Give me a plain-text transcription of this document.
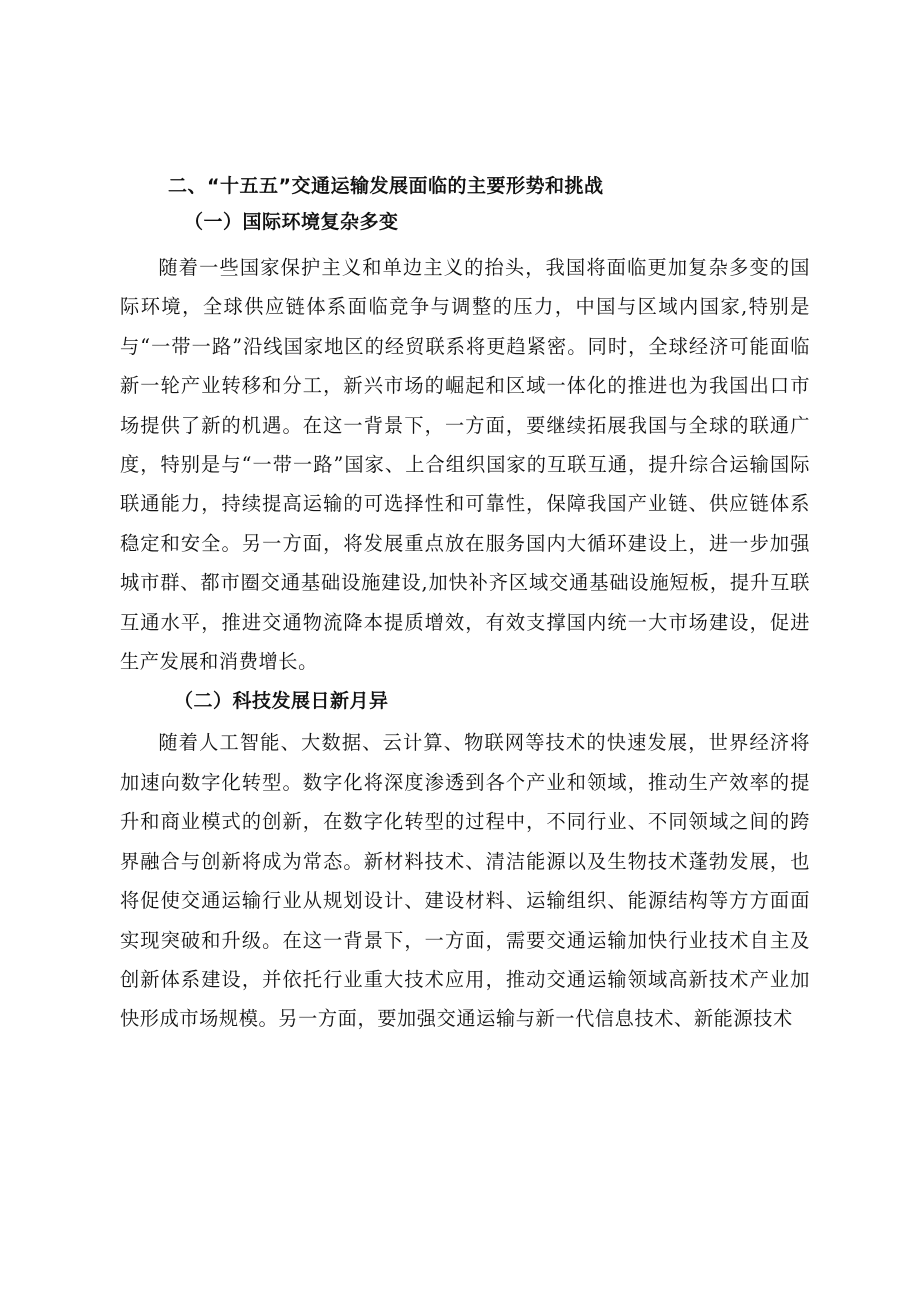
二、“十五五”交通运输发展面临的主要形势和挑战
（一）国际环境复杂多变

随着一些国家保护主义和单边主义的抬头，我国将面临更加复杂多变的国际环境，全球供应链体系面临竞争与调整的压力，中国与区域内国家,特别是与“一带一路”沿线国家地区的经贸联系将更趋紧密。同时，全球经济可能面临新一轮产业转移和分工，新兴市场的崛起和区域一体化的推进也为我国出口市场提供了新的机遇。在这一背景下，一方面，要继续拓展我国与全球的联通广度，特别是与“一带一路”国家、上合组织国家的互联互通，提升综合运输国际联通能力，持续提高运输的可选择性和可靠性，保障我国产业链、供应链体系稳定和安全。另一方面，将发展重点放在服务国内大循环建设上，进一步加强城市群、都市圈交通基础设施建设,加快补齐区域交通基础设施短板，提升互联互通水平，推进交通物流降本提质增效，有效支撑国内统一大市场建设，促进生产发展和消费增长。

（二）科技发展日新月异

随着人工智能、大数据、云计算、物联网等技术的快速发展，世界经济将加速向数字化转型。数字化将深度渗透到各个产业和领域，推动生产效率的提升和商业模式的创新，在数字化转型的过程中，不同行业、不同领域之间的跨界融合与创新将成为常态。新材料技术、清洁能源以及生物技术蓬勃发展，也将促使交通运输行业从规划设计、建设材料、运输组织、能源结构等方方面面实现突破和升级。在这一背景下，一方面，需要交通运输加快行业技术自主及创新体系建设，并依托行业重大技术应用，推动交通运输领域高新技术产业加快形成市场规模。另一方面，要加强交通运输与新一代信息技术、新能源技术
